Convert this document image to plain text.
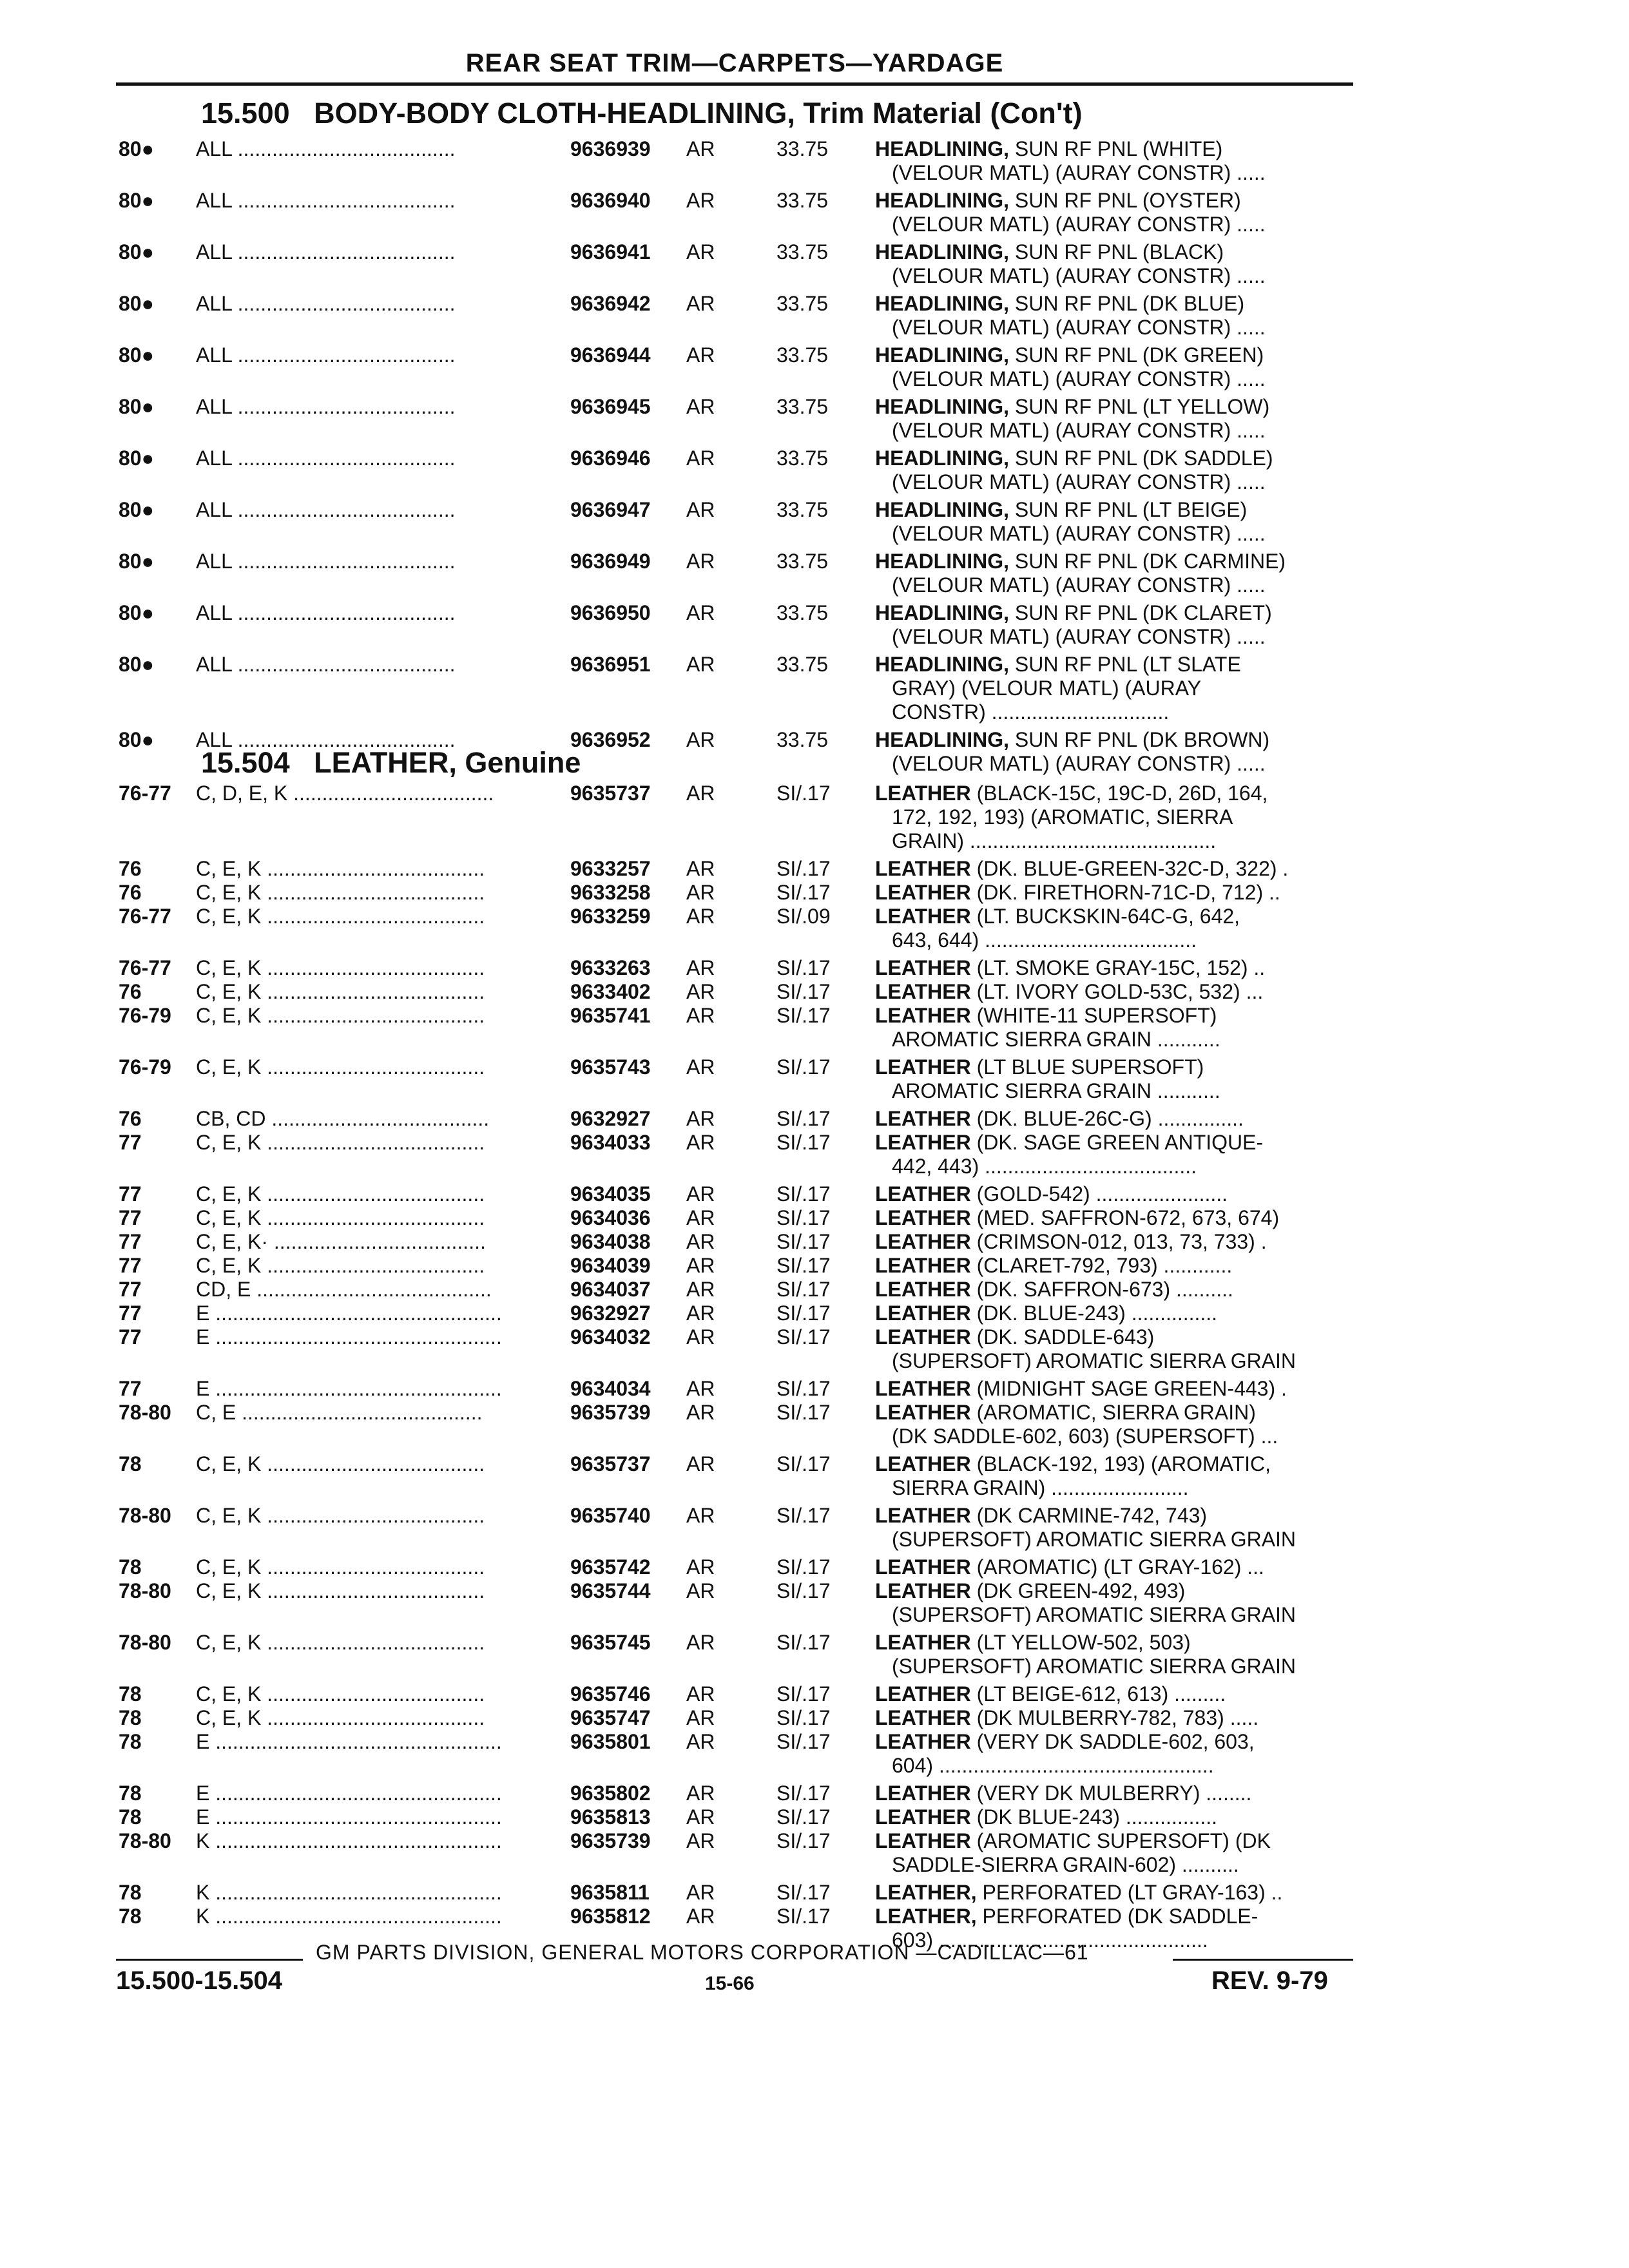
REAR SEAT TRIM—CARPETS—YARDAGE
15.500 BODY-BODY CLOTH-HEADLINING, Trim Material (Con't)
15.504 LEATHER, Genuine
80● ALL ......................................	9636939 AR	33.75 HEADLINING, SUN RF PNL (WHITE)
(VELOUR MATL) (AURAY CONSTR) .....
80● ALL ......................................	9636940 AR	33.75 HEADLINING, SUN RF PNL (OYSTER)
(VELOUR MATL) (AURAY CONSTR) .....
80● ALL ......................................	9636941 AR	33.75 HEADLINING, SUN RF PNL (BLACK)
(VELOUR MATL) (AURAY CONSTR) .....
80● ALL ......................................	9636942 AR	33.75 HEADLINING, SUN RF PNL (DK BLUE)
(VELOUR MATL) (AURAY CONSTR) .....
80● ALL ......................................	9636944 AR	33.75 HEADLINING, SUN RF PNL (DK GREEN)
(VELOUR MATL) (AURAY CONSTR) .....
80● ALL ......................................	9636945 AR	33.75 HEADLINING, SUN RF PNL (LT YELLOW)
(VELOUR MATL) (AURAY CONSTR) .....
80● ALL ......................................	9636946 AR	33.75 HEADLINING, SUN RF PNL (DK SADDLE)
(VELOUR MATL) (AURAY CONSTR) .....
80● ALL ......................................	9636947 AR	33.75 HEADLINING, SUN RF PNL (LT BEIGE)
(VELOUR MATL) (AURAY CONSTR) .....
80● ALL ......................................	9636949 AR	33.75 HEADLINING, SUN RF PNL (DK CARMINE)
(VELOUR MATL) (AURAY CONSTR) .....
80● ALL ......................................	9636950 AR	33.75 HEADLINING, SUN RF PNL (DK CLARET)
(VELOUR MATL) (AURAY CONSTR) .....
80● ALL ......................................	9636951 AR	33.75 HEADLINING, SUN RF PNL (LT SLATE
GRAY) (VELOUR MATL) (AURAY
CONSTR) ...............................
80● ALL ......................................	9636952 AR	33.75 HEADLINING, SUN RF PNL (DK BROWN)
(VELOUR MATL) (AURAY CONSTR) .....
76-77 C, D, E, K ...................................	9635737 AR	SI/.17 LEATHER (BLACK-15C, 19C-D, 26D, 164,
172, 192, 193) (AROMATIC, SIERRA
GRAIN) ...........................................
76	C, E, K ......................................	9633257 AR	SI/.17 LEATHER (DK. BLUE-GREEN-32C-D, 322) .
76	C, E, K ......................................	9633258 AR	SI/.17 LEATHER (DK. FIRETHORN-71C-D, 712) ..
76-77 C, E, K ......................................	9633259 AR	SI/.09 LEATHER (LT. BUCKSKIN-64C-G, 642,
643, 644) .....................................
76-77 C, E, K ......................................	9633263 AR	SI/.17 LEATHER (LT. SMOKE GRAY-15C, 152) ..
76	C, E, K ......................................	9633402 AR	SI/.17 LEATHER (LT. IVORY GOLD-53C, 532) ...
76-79 C, E, K ......................................	9635741 AR	SI/.17 LEATHER (WHITE-11 SUPERSOFT)
AROMATIC SIERRA GRAIN ...........
76-79 C, E, K ......................................	9635743 AR	SI/.17 LEATHER (LT BLUE SUPERSOFT)
AROMATIC SIERRA GRAIN ...........
76	CB, CD ......................................	9632927 AR	SI/.17 LEATHER (DK. BLUE-26C-G) ...............
77	C, E, K ......................................	9634033 AR	SI/.17 LEATHER (DK. SAGE GREEN ANTIQUE-
442, 443) .....................................
77	C, E, K ......................................	9634035 AR	SI/.17 LEATHER (GOLD-542) .......................
77	C, E, K ......................................	9634036 AR	SI/.17 LEATHER (MED. SAFFRON-672, 673, 674)
77	C, E, K· .....................................	9634038 AR	SI/.17 LEATHER (CRIMSON-012, 013, 73, 733) .
77	C, E, K ......................................	9634039 AR	SI/.17 LEATHER (CLARET-792, 793) ............
77	CD, E .........................................	9634037 AR	SI/.17 LEATHER (DK. SAFFRON-673) ..........
77	E ..................................................	9632927 AR	SI/.17 LEATHER (DK. BLUE-243) ...............
77	E ..................................................	9634032 AR	SI/.17 LEATHER (DK. SADDLE-643)
(SUPERSOFT) AROMATIC SIERRA GRAIN
77	E ..................................................	9634034 AR	SI/.17 LEATHER (MIDNIGHT SAGE GREEN-443) .
78-80 C, E ..........................................	9635739 AR	SI/.17 LEATHER (AROMATIC, SIERRA GRAIN)
(DK SADDLE-602, 603) (SUPERSOFT) ...
78	C, E, K ......................................	9635737 AR	SI/.17 LEATHER (BLACK-192, 193) (AROMATIC,
SIERRA GRAIN) ........................
78-80 C, E, K ......................................	9635740 AR	SI/.17 LEATHER (DK CARMINE-742, 743)
(SUPERSOFT) AROMATIC SIERRA GRAIN
78	C, E, K ......................................	9635742 AR	SI/.17 LEATHER (AROMATIC) (LT GRAY-162) ...
78-80 C, E, K ......................................	9635744 AR	SI/.17 LEATHER (DK GREEN-492, 493)
(SUPERSOFT) AROMATIC SIERRA GRAIN
78-80 C, E, K ......................................	9635745 AR	SI/.17 LEATHER (LT YELLOW-502, 503)
(SUPERSOFT) AROMATIC SIERRA GRAIN
78	C, E, K ......................................	9635746 AR	SI/.17 LEATHER (LT BEIGE-612, 613) .........
78	C, E, K ......................................	9635747 AR	SI/.17 LEATHER (DK MULBERRY-782, 783) .....
78	E ..................................................	9635801 AR	SI/.17 LEATHER (VERY DK SADDLE-602, 603,
604) ................................................
78	E ..................................................	9635802 AR	SI/.17 LEATHER (VERY DK MULBERRY) ........
78	E ..................................................	9635813 AR	SI/.17 LEATHER (DK BLUE-243) ................
78-80 K ..................................................	9635739 AR	SI/.17 LEATHER (AROMATIC SUPERSOFT) (DK
SADDLE-SIERRA GRAIN-602) ..........
78	K ..................................................	9635811 AR	SI/.17 LEATHER, PERFORATED (LT GRAY-163) ..
78	K ..................................................	9635812 AR	SI/.17 LEATHER, PERFORATED (DK SADDLE-
603) ...............................................
GM PARTS DIVISION, GENERAL MOTORS CORPORATION —CADILLAC—61
15.500-15.504	15-66	REV. 9-79
